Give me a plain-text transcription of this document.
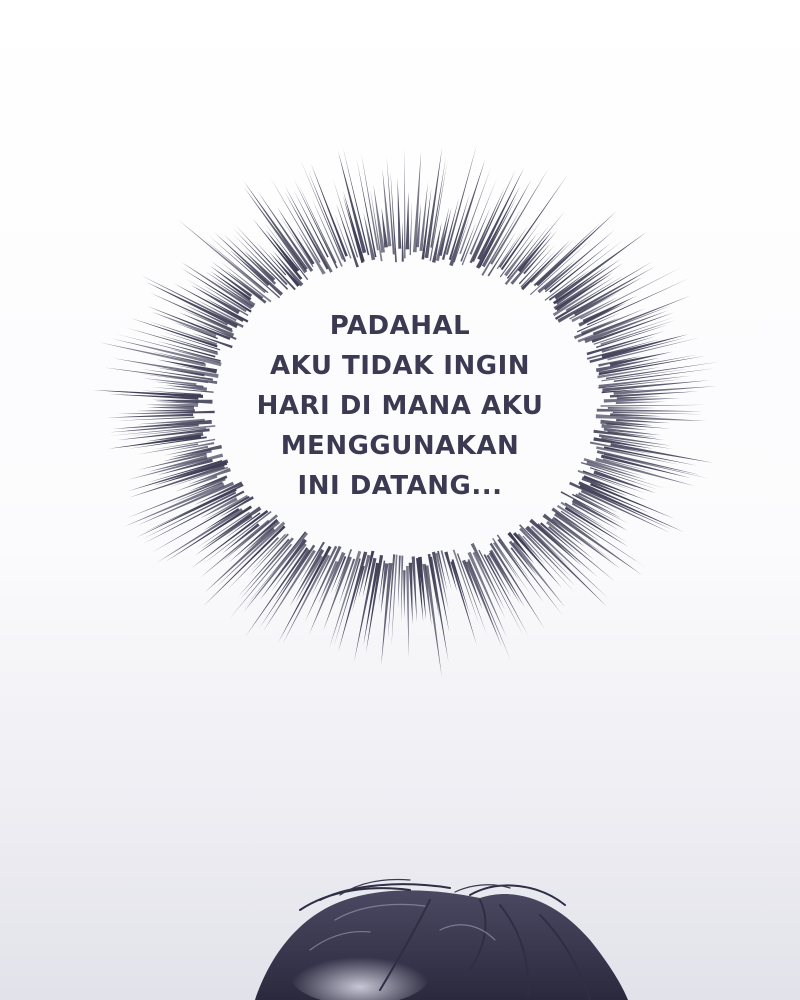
PADAHAL
AKU TIDAK INGIN
HARI DI MANA AKU
MENGGUNAKAN
INI DATANG...
